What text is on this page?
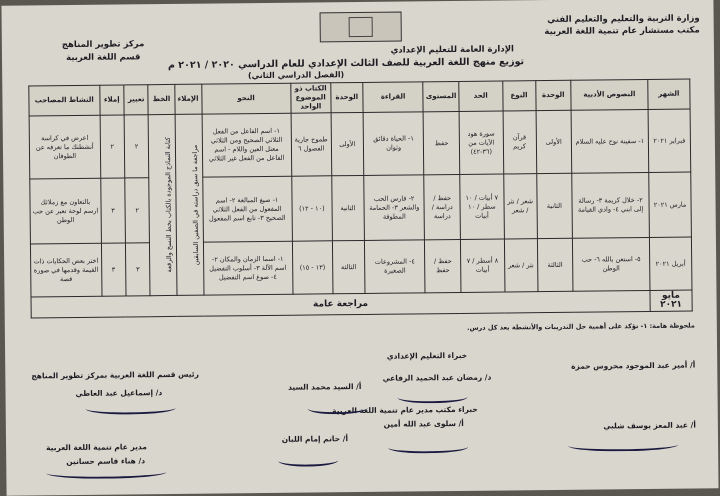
وزارة التربية والتعليم والتعليم الفني
مكتب مستشار عام تنمية اللغة العربية
مركز تطوير المناهج
قسم اللغة العربية
الإدارة العامة للتعليم الإعدادي
توزيع منهج اللغة العربية للصف الثالث الإعدادي للعام الدراسي ٢٠٢٠ / ٢٠٢١ م
(الفصل الدراسي الثاني)
الشهر	النصوص الأدبية	الوحدة	النوع	الحد	المستوى	القراءة	الوحدة	الكتاب ذو الموضوع الواحد	النحو	الإملاء	الخط	تعبير	إملاء	النشاط المصاحب
فبراير ٢٠٢١	١- سفينة نوح عليه السلام	الأولى	قرآن كريم	سورة هود الآيات من (٣٦-٤٢)	حفظ	١- الحياة دقائق وثوان	الأولى	طموح جارية الفصول ٦	١- اسم الفاعل من الفعل الثلاثي الصحيح ومن الثلاثي معتل العين واللام - اسم الفاعل من الفعل غير الثلاثي	مراجعة ما سبق دراسته في الصفين السابقين	كتابة النماذج الموجودة بالكتاب بخط النسخ والرقعة	٢	٢	اعرض في كراسة أنشطتك ما تعرفه عن الطوفان
مارس ٢٠٢١	٢- خلال كريمة ٣- رسالة إلى ابني ٤- وادي القيامة	الثانية	شعر / نثر / شعر	٧ أبيات / ١٠ سطر / ١٠ أبيات	حفظ / دراسة / دراسة	٢- فارس الحب والشعر ٣- الحمامة المطوقة	الثانية	(١٠ - ١٢)	١- صيغ المبالغة ٢- اسم المفعول من الفعل الثلاثي الصحيح ٣- تابع اسم المفعول			٢	٣	بالتعاون مع زملائك ارسم لوحة تعبر عن حب الوطن
أبريل ٢٠٢١	٥- استعن بالله ٦- حب الوطن	الثالثة	نثر / شعر	٨ أسطر / ٧ أبيات	حفظ / حفظ	٤- المشروعات الصغيرة	الثالثة	(١٣ - ١٥)	١- اسما الزمان والمكان ٢- اسم الآلة ٣- أسلوب التفضيل ٤- صوغ اسم التفضيل			٣	٣	اختر بعض الحكايات ذات القيمة وقدمها في صورة قصة
مايو ٢٠٢١	مراجعة عامة													
ملحوظة هامة: ١- تؤكد على أهمية حل التدريبات والأنشطة بعد كل درس.
خبراء التعليم الإعدادي
أ/ أمير عبد الموجود محروس حمزة
د/ رمضان عبد الحميد الرفاعي
أ/ السيد محمد السيد
رئيس قسم اللغة العربية بمركز تطوير المناهج
د/ إسماعيل عبد العاطي
خبراء مكتب مدير عام تنمية اللغة العربية
أ/ عبد المعز يوسف شلبي
أ/ سلوى عبد الله أمين
أ/ حاتم إمام اللبان
مدير عام تنمية اللغة العربية
د/ هناء قاسم حسانين
